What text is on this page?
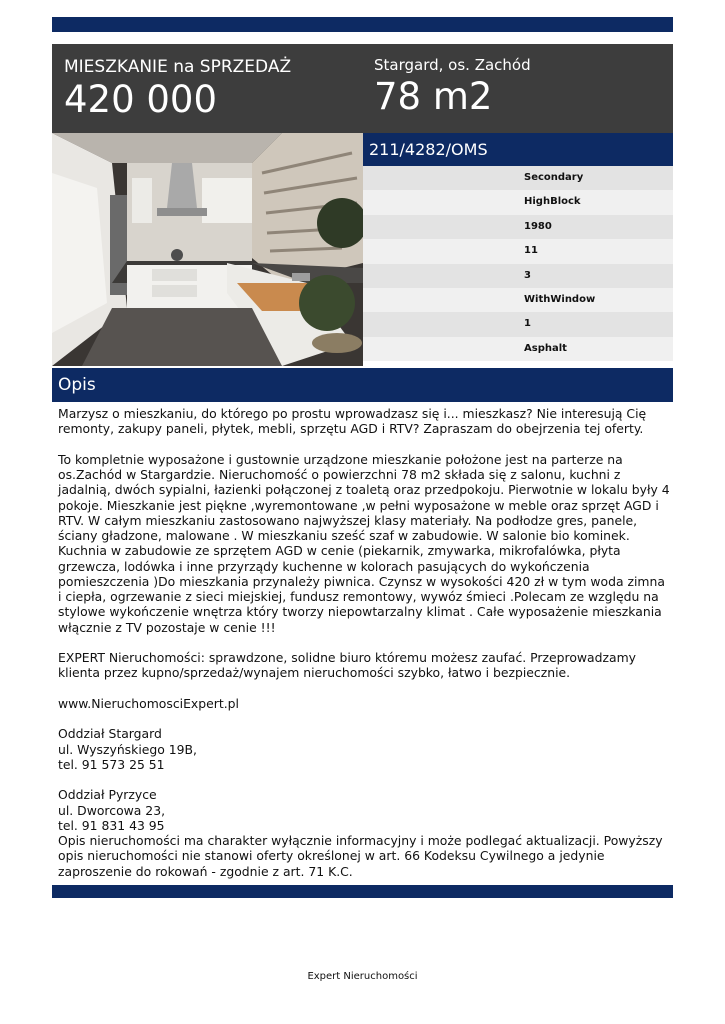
MIESZKANIE na SPRZEDAŻ
420 000
Stargard, os. Zachód
78 m2
211/4282/OMS
Secondary
HighBlock
1980
11
3
WithWindow
1
Asphalt
Opis

Marzysz o mieszkaniu, do którego po prostu wprowadzasz się i... mieszkasz? Nie interesują Cię remonty, zakupy paneli, płytek, mebli, sprzętu AGD i RTV? Zapraszam do obejrzenia tej oferty.

To kompletnie wyposażone i gustownie urządzone mieszkanie położone jest na parterze na os.Zachód w Stargardzie. Nieruchomość o powierzchni 78 m2 składa się z salonu, kuchni z jadalnią, dwóch sypialni, łazienki połączonej z toaletą oraz przedpokoju. Pierwotnie w lokalu były 4 pokoje. Mieszkanie jest piękne ,wyremontowane ,w pełni wyposażone w meble oraz sprzęt AGD i RTV. W całym mieszkaniu zastosowano najwyższej klasy materiały. Na podłodze gres, panele, ściany gładzone, malowane . W mieszkaniu sześć szaf w zabudowie. W salonie bio kominek. Kuchnia w zabudowie ze sprzętem AGD w cenie (piekarnik, zmywarka, mikrofalówka, płyta grzewcza, lodówka i inne przyrządy kuchenne w kolorach pasujących do wykończenia pomieszczenia )Do mieszkania przynależy piwnica. Czynsz w wysokości 420 zł w tym woda zimna i ciepła, ogrzewanie z sieci miejskiej, fundusz remontowy, wywóz śmieci .Polecam ze względu na stylowe wykończenie wnętrza który tworzy niepowtarzalny klimat . Całe wyposażenie mieszkania włącznie z TV pozostaje w cenie !!!

EXPERT Nieruchomości: sprawdzone, solidne biuro któremu możesz zaufać. Przeprowadzamy klienta przez kupno/sprzedaż/wynajem nieruchomości szybko, łatwo i bezpiecznie.

www.NieruchomosciExpert.pl

Oddział Stargard
ul. Wyszyńskiego 19B,
tel. 91 573 25 51

Oddział Pyrzyce
ul. Dworcowa 23,
tel. 91 831 43 95
Opis nieruchomości ma charakter wyłącznie informacyjny i może podlegać aktualizacji. Powyższy opis nieruchomości nie stanowi oferty określonej w art. 66 Kodeksu Cywilnego a jedynie zaproszenie do rokowań - zgodnie z art. 71 K.C.

Expert Nieruchomości
